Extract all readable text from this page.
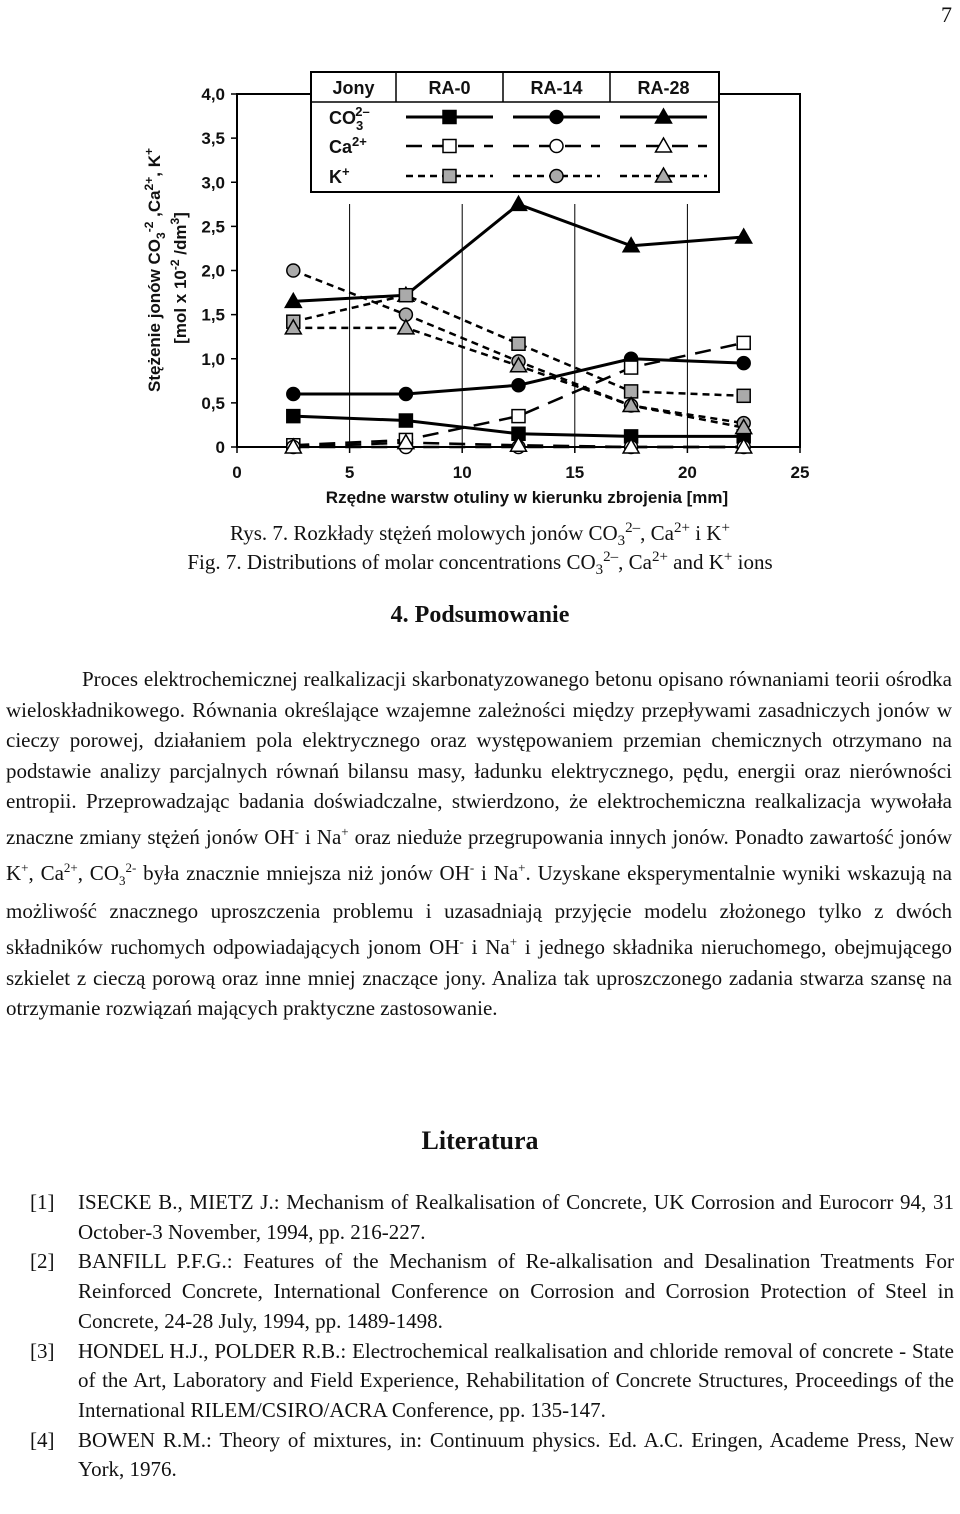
7
Jony	RA-0	RA-14	RA-28
$CO_32-$
$Ca^{2+}$
K+
0
0,5
1,0
1,5
2,0
2,5
3,0
3,5
4,0
0	5	10	15	20	25
Rzędne warstw otuliny w kierunku zbrojenia [mm]
Stężenie jonów $CO_3^{-2}$ $,Ca^{2+}$, K+
[mol x $10^{-2}$ $/dm^3$]
Rys. 7. Rozkłady stężeń molowych jonów $CO_3^{2-}$, $Ca^{2+}$ i K+
Fig. 7. Distributions of molar concentrations $CO_3^{2-}$, $Ca^{2+}$ and K+ ions
4. Podsumowanie

Proces elektrochemicznej realkalizacji skarbonatyzowanego betonu opisano równaniami teorii ośrodka wieloskładnikowego. Równania określające wzajemne zależności między przepływami zasadniczych jonów w cieczy porowej, działaniem pola elektrycznego oraz występowaniem przemian chemicznych otrzymano na podstawie analizy parcjalnych równań bilansu masy, ładunku elektrycznego, pędu, energii oraz nierówności entropii. Przeprowadzając badania doświadczalne, stwierdzono, że elektrochemiczna realkalizacja wywołała znaczne zmiany stężeń jonów OH- i Na+ oraz nieduże przegrupowania innych jonów. Ponadto zawartość jonów K+, $Ca^{2+}$, $CO_3^{2-}$ była znacznie mniejsza niż jonów OH- i Na+. Uzyskane eksperymentalnie wyniki wskazują na możliwość znacznego uproszczenia problemu i uzasadniają przyjęcie modelu złożonego tylko z dwóch składników ruchomych odpowiadających jonom OH- i Na+ i jednego składnika nieruchomego, obejmującego szkielet z cieczą porową oraz inne mniej znaczące jony. Analiza tak uproszczonego zadania stwarza szansę na otrzymanie rozwiązań mających praktyczne zastosowanie.

Literatura
[1] ISECKE B., MIETZ J.: Mechanism of Realkalisation of Concrete, UK Corrosion and Eurocorr 94, 31 October-3 November, 1994, pp. 216-227.
[2] BANFILL P.F.G.: Features of the Mechanism of Re-alkalisation and Desalination Treatments For Reinforced Concrete, International Conference on Corrosion and Corrosion Protection of Steel in Concrete, 24-28 July, 1994, pp. 1489-1498.
[3] HONDEL H.J., POLDER R.B.: Electrochemical realkalisation and chloride removal of concrete - State of the Art, Laboratory and Field Experience, Rehabilitation of Concrete Structures, Proceedings of the International RILEM/CSIRO/ACRA Conference, pp. 135-147.
[4] BOWEN R.M.: Theory of mixtures, in: Continuum physics. Ed. A.C. Eringen, Academe Press, New York, 1976.
